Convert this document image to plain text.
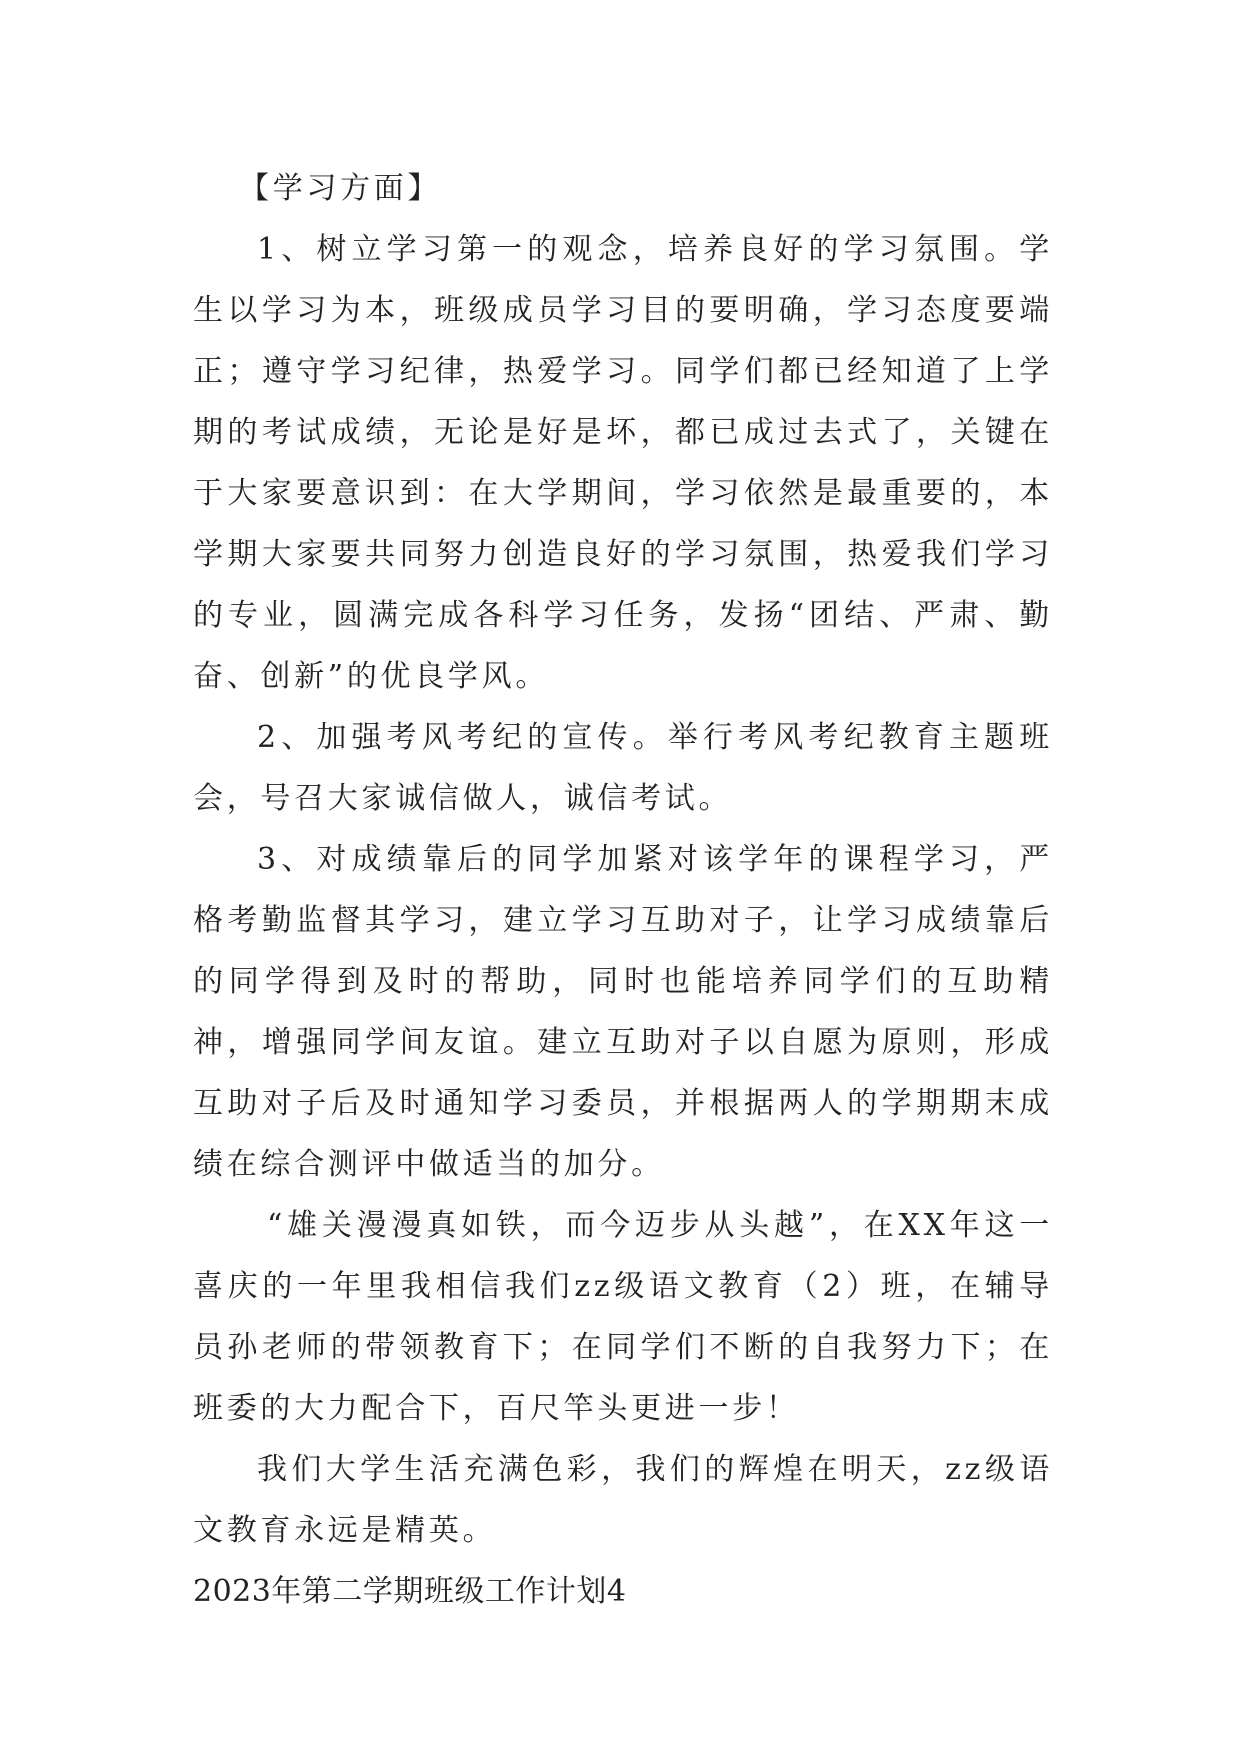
【学习方面】

1、树立学习第一的观念，培养良好的学习氛围。学生以学习为本，班级成员学习目的要明确，学习态度要端正；遵守学习纪律，热爱学习。同学们都已经知道了上学期的考试成绩，无论是好是坏，都已成过去式了，关键在于大家要意识到：在大学期间，学习依然是最重要的，本学期大家要共同努力创造良好的学习氛围，热爱我们学习的专业，圆满完成各科学习任务，发扬“团结、严肃、勤奋、创新”的优良学风。

2、加强考风考纪的宣传。举行考风考纪教育主题班会，号召大家诚信做人，诚信考试。

3、对成绩靠后的同学加紧对该学年的课程学习，严格考勤监督其学习，建立学习互助对子，让学习成绩靠后的同学得到及时的帮助，同时也能培养同学们的互助精神，增强同学间友谊。建立互助对子以自愿为原则，形成互助对子后及时通知学习委员，并根据两人的学期期末成绩在综合测评中做适当的加分。

“雄关漫漫真如铁，而今迈步从头越”，在XX年这一喜庆的一年里我相信我们zz级语文教育（2）班，在辅导员孙老师的带领教育下；在同学们不断的自我努力下；在班委的大力配合下，百尺竿头更进一步！

我们大学生活充满色彩，我们的辉煌在明天，zz级语文教育永远是精英。

2023年第二学期班级工作计划4
